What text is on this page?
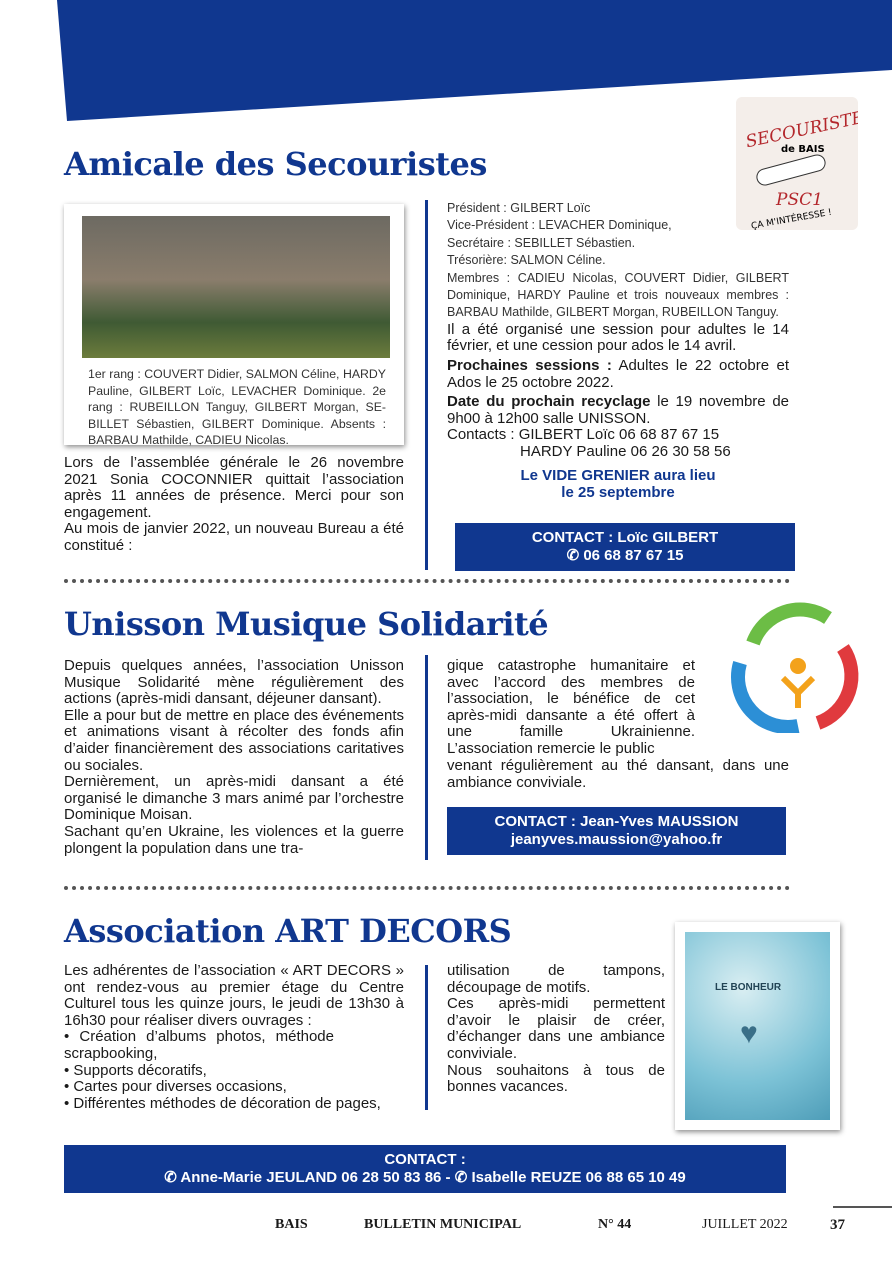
Amicale des Secouristes
SECOURISTES
de BAIS
PSC1
ÇA M'INTÉRESSE !
1er rang : COUVERT Didier, SALMON Céline, HARDY Pauline, GILBERT Loïc, LEVACHER Dominique. 2e rang : RUBEILLON Tanguy, GILBERT Morgan, SE-BILLET Sébastien, GILBERT Dominique. Absents : BARBAU Mathilde, CADIEU Nicolas.

Lors de l’assemblée générale le 26 novembre 2021 Sonia COCONNIER quittait l’association après 11 années de présence. Merci pour son engagement.

Au mois de janvier 2022, un nouveau Bureau a été constitué :

Président : GILBERT Loïc

Vice-Président : LEVACHER Dominique,

Secrétaire : SEBILLET Sébastien.

Trésorière: SALMON Céline.

Membres : CADIEU Nicolas, COUVERT Didier, GILBERT Dominique, HARDY Pauline et trois nouveaux membres : BARBAU Mathilde, GILBERT Morgan, RUBEILLON Tanguy.

Il a été organisé une session pour adultes le 14 février, et une cession pour ados le 14 avril.

Prochaines sessions : Adultes le 22 octobre et Ados le 25 octobre 2022.

Date du prochain recyclage le 19 novembre de 9h00 à 12h00 salle UNISSON.

Contacts : GILBERT Loïc 06 68 87 67 15

HARDY Pauline 06 26 30 58 56

Le VIDE GRENIER aura lieu

le 25 septembre

CONTACT : Loïc GILBERT

✆ 06 68 87 67 15

Unisson Musique Solidarité

Depuis quelques années, l’association Unisson Musique Solidarité mène régulièrement des actions (après-midi dansant, déjeuner dansant).

Elle a pour but de mettre en place des événements et animations visant à récolter des fonds afin d’aider financièrement des associations caritatives ou sociales.

Dernièrement, un après-midi dansant a été organisé le dimanche 3 mars animé par l’orchestre Dominique Moisan.

Sachant qu’en Ukraine, les violences et la guerre plongent la population dans une tra-

gique catastrophe humanitaire et avec l’accord des membres de l’association, le bénéfice de cet après-midi dansante a été offert à une famille Ukrainienne. L’association remercie le public
venant régulièrement au thé dansant, dans une ambiance conviviale.

CONTACT : Jean-Yves MAUSSION

jeanyves.maussion@yahoo.fr

Association ART DECORS

Les adhérentes de l’association « ART DECORS » ont rendez-vous au premier étage du Centre Culturel tous les quinze jours, le jeudi de 13h30 à 16h30 pour réaliser divers ouvrages :

• Création d’albums photos, méthode scrapbooking,

• Supports décoratifs,

• Cartes pour diverses occasions,

• Différentes méthodes de décoration de pages,

utilisation de tampons, découpage de motifs.

Ces après-midi permettent d’avoir le plaisir de créer, d’échanger dans une ambiance conviviale.

Nous souhaitons à tous de bonnes vacances.

LE BONHEUR
♥

CONTACT :

✆ Anne-Marie JEULAND 06 28 50 83 86 - ✆ Isabelle REUZE 06 88 65 10 49

BAIS	BULLETIN MUNICIPAL	N° 44	JUILLET 2022	37
